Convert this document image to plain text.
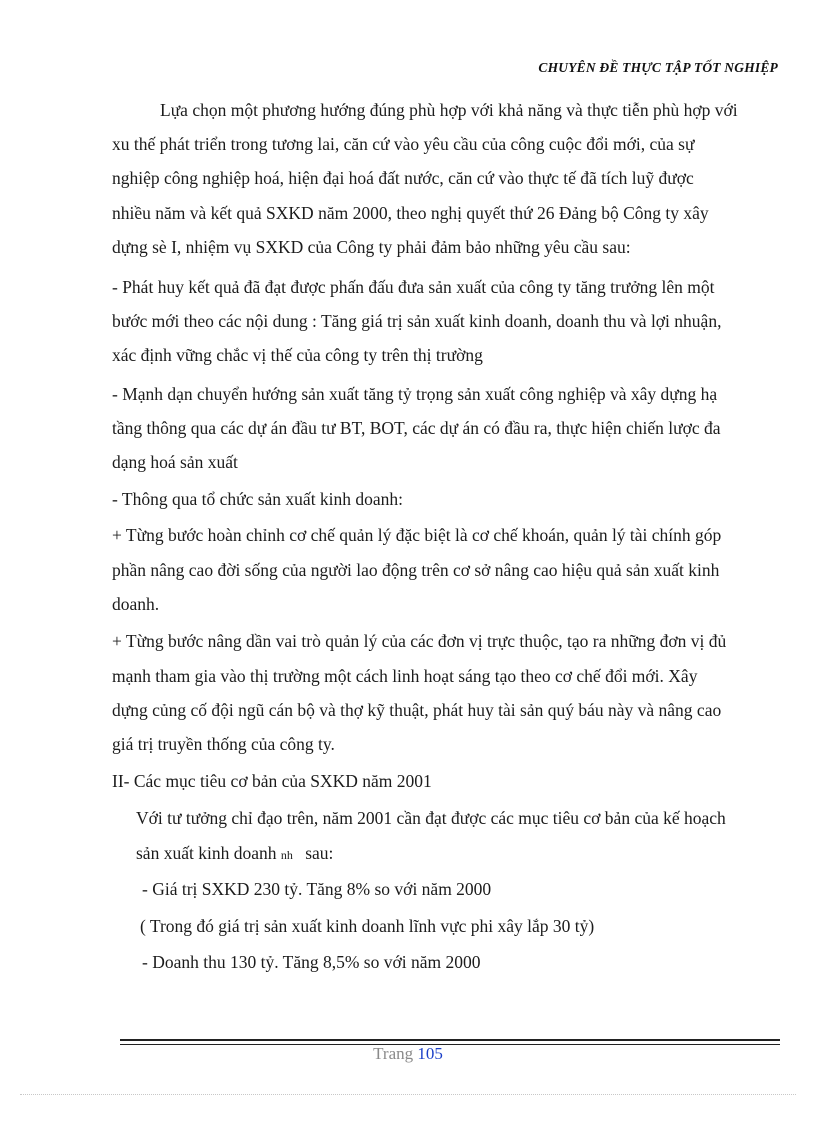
CHUYÊN ĐỀ THỰC TẬP TỐT NGHIỆP
Lựa chọn một phương hướng đúng phù hợp với khả năng và thực tiễn phù hợp với
xu thế phát triển trong tương lai, căn cứ vào yêu cầu của công cuộc đổi mới, của sự
nghiệp công nghiệp hoá, hiện đại hoá đất nước, căn cứ vào thực tế đã tích luỹ được
nhiều năm và kết quả SXKD năm 2000, theo nghị quyết thứ 26 Đảng bộ Công ty xây
dựng sè I, nhiệm vụ SXKD của Công ty phải đảm bảo những yêu cầu sau:
- Phát huy kết quả đã đạt được phấn đấu đưa sản xuất của công ty tăng trưởng lên một
bước mới theo các nội dung : Tăng giá trị sản xuất kinh doanh, doanh thu và lợi nhuận,
xác định vững chắc vị thế của công ty trên thị trường
- Mạnh dạn chuyển hướng sản xuất tăng tỷ trọng sản xuất công nghiệp và xây dựng hạ
tầng thông qua các dự án đầu tư BT, BOT, các dự án có đầu ra, thực hiện chiến lược đa
dạng hoá sản xuất
- Thông qua tổ chức sản xuất kinh doanh:
+ Từng bước hoàn chỉnh cơ chế quản lý đặc biệt là cơ chế khoán, quản lý tài chính góp
phần nâng cao đời sống của người lao động trên cơ sở nâng cao hiệu quả sản xuất kinh
doanh.
+ Từng bước nâng dần vai trò quản lý của các đơn vị trực thuộc, tạo ra những đơn vị đủ
mạnh tham gia vào thị trường một cách linh hoạt sáng tạo theo cơ chế đổi mới. Xây
dựng củng cố đội ngũ cán bộ và thợ kỹ thuật, phát huy tài sản quý báu này và nâng cao
giá trị truyền thống của công ty.
II- Các mục tiêu cơ bản của SXKD năm 2001
Với tư tưởng chỉ đạo trên, năm 2001 cần đạt được các mục tiêu cơ bản của kế hoạch
sản xuất kinh doanh nh sau:
- Giá trị SXKD 230 tỷ. Tăng 8% so với năm 2000
( Trong đó giá trị sản xuất kinh doanh lĩnh vực phi xây lắp 30 tỷ)
- Doanh thu 130 tỷ. Tăng 8,5% so với năm 2000
Trang 105
